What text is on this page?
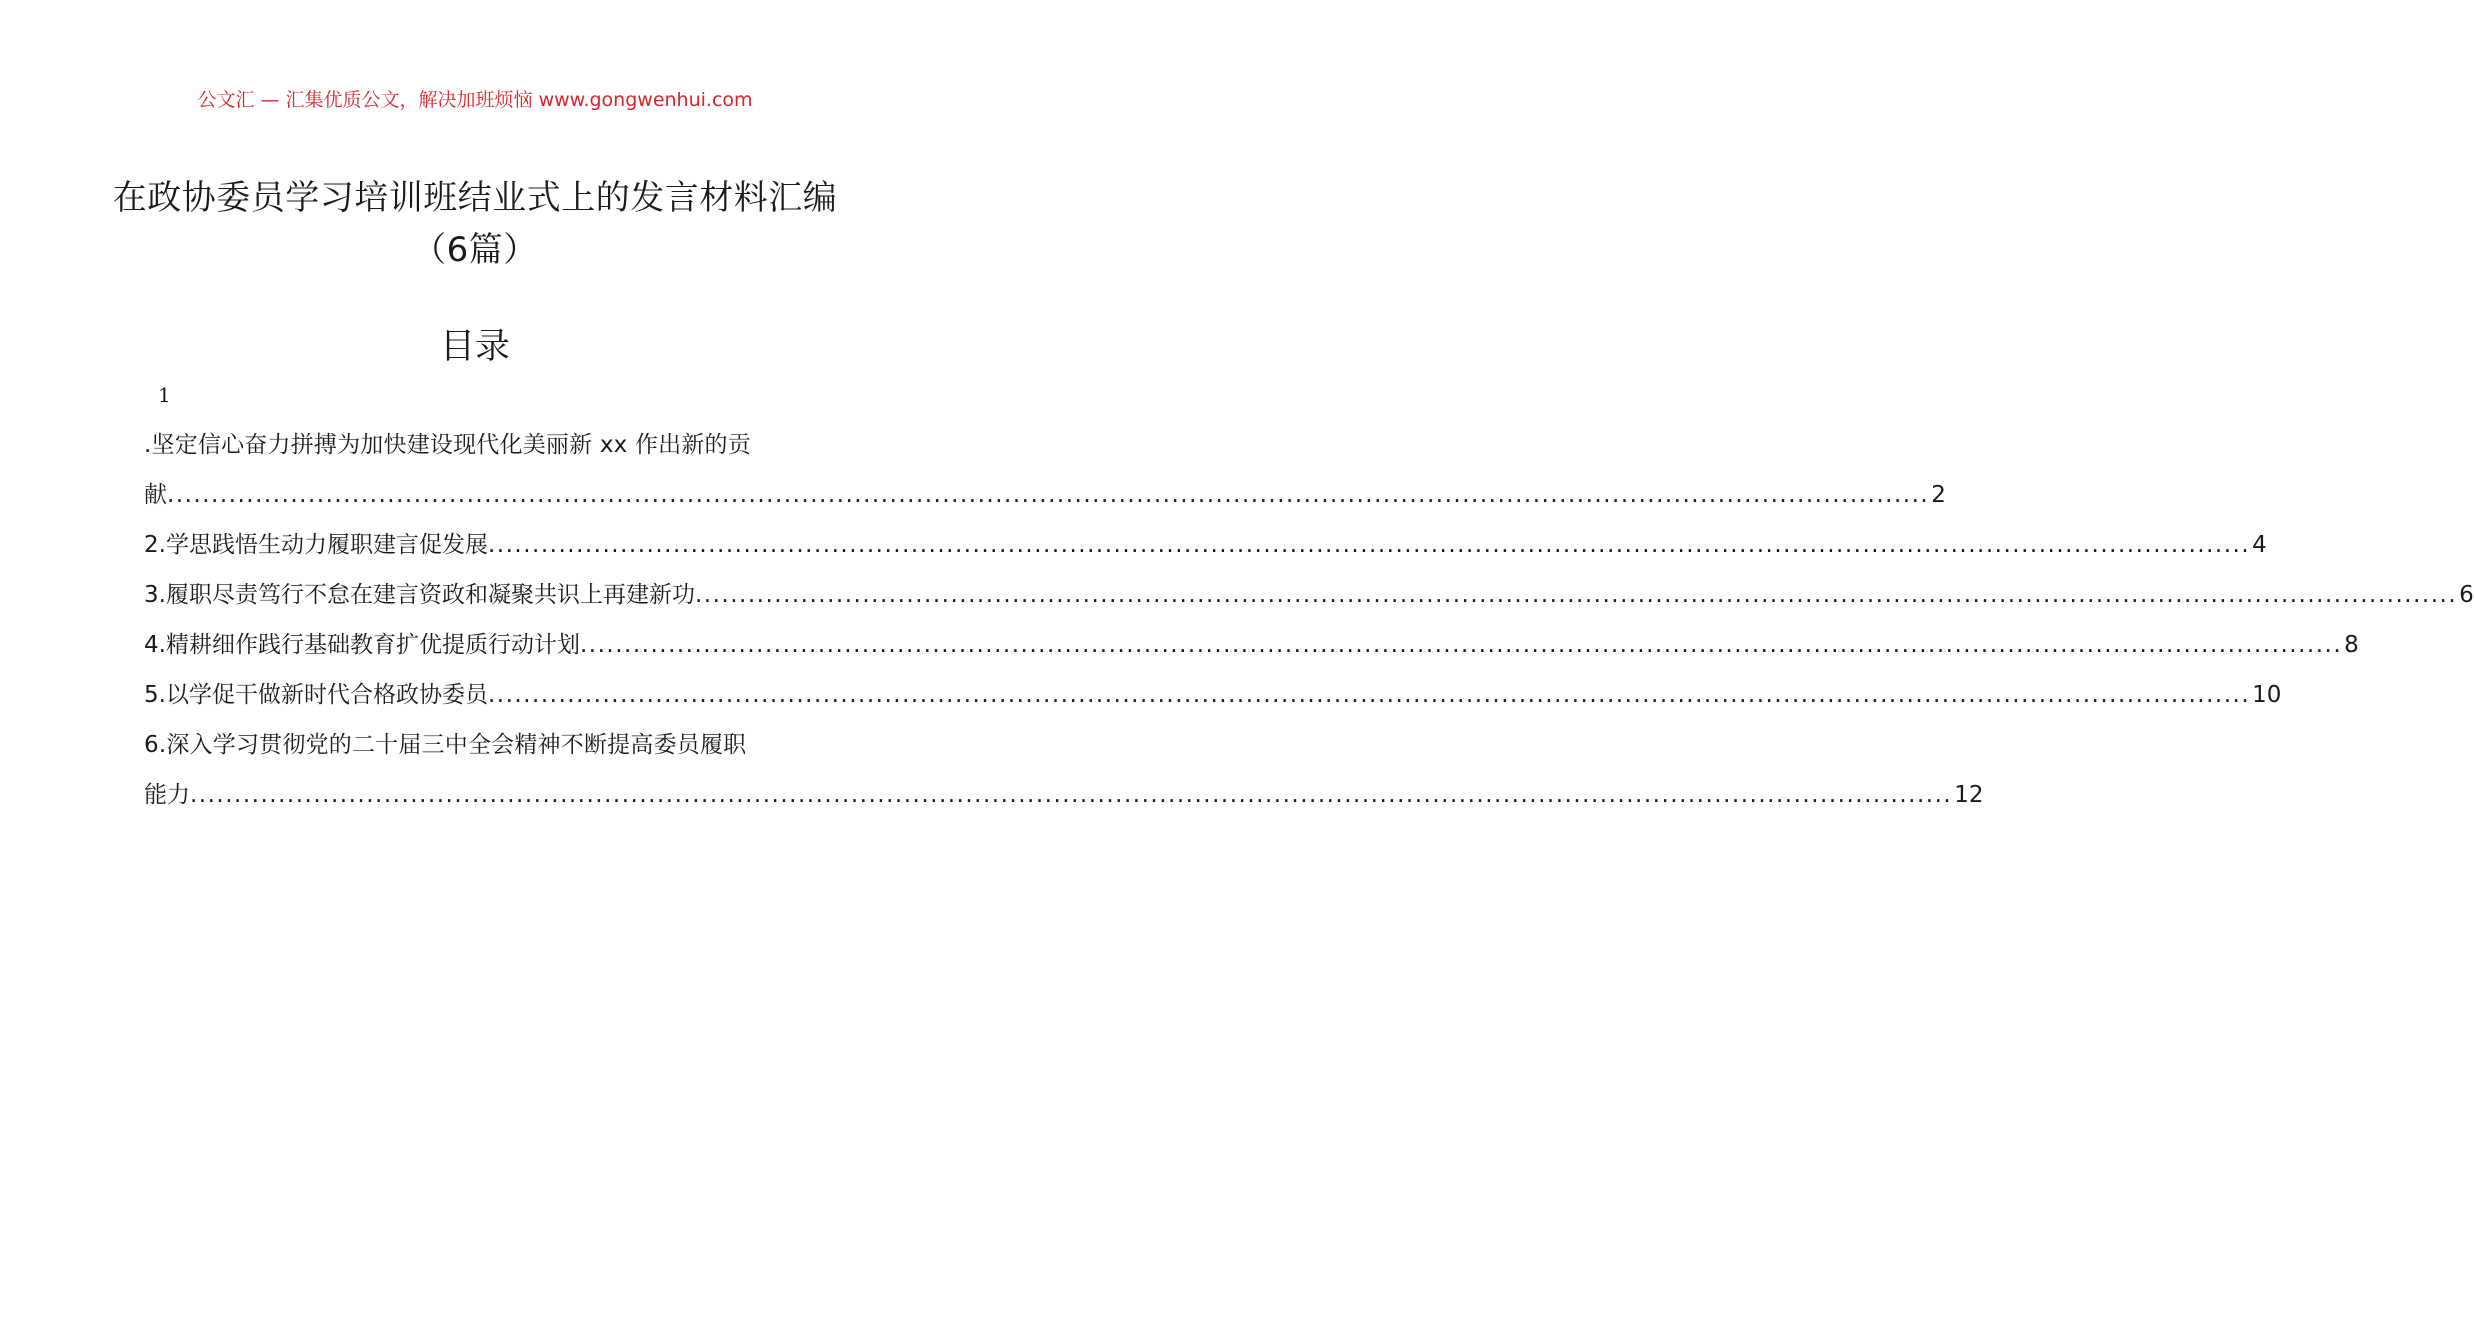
公文汇 — 汇集优质公文，解决加班烦恼 www.gongwenhui.com
在政协委员学习培训班结业式上的发言材料汇编（6篇）
目录
1
.坚定信心奋力拼搏为加快建设现代化美丽新 xx 作出新的贡
献 ........................................................................................................................................................................................................ 2
2.学思践悟生动力履职建言促发展 ........................................................................................................................................................................................................ 4
3.履职尽责笃行不怠在建言资政和凝聚共识上再建新功 ........................................................................................................................................................................................................ 6
4.精耕细作践行基础教育扩优提质行动计划 ........................................................................................................................................................................................................ 8
5.以学促干做新时代合格政协委员 ........................................................................................................................................................................................................ 10
6.深入学习贯彻党的二十届三中全会精神不断提高委员履职
能力 ........................................................................................................................................................................................................ 12
